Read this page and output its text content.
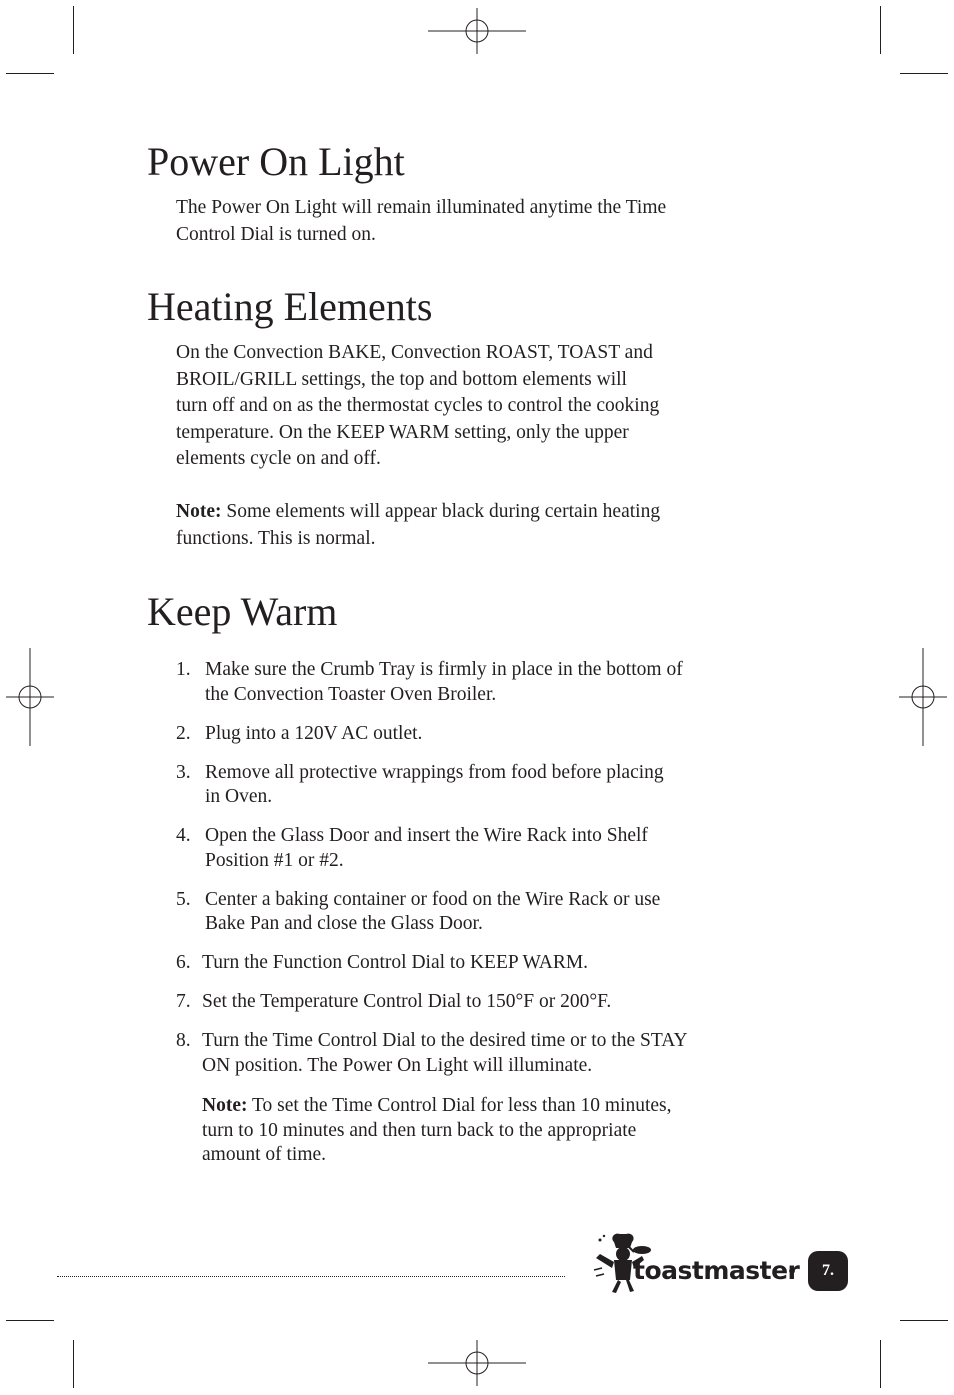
Power On Light
The Power On Light will remain illuminated anytime the Time
Control Dial is turned on.
Heating Elements
On the Convection BAKE, Convection ROAST, TOAST and
BROIL/GRILL settings, the top and bottom elements will
turn off and on as the thermostat cycles to control the cooking
temperature. On the KEEP WARM setting, only the upper
elements cycle on and off.
Note: Some elements will appear black during certain heating
functions. This is normal.
Keep Warm
1. Make sure the Crumb Tray is firmly in place in the bottom of
the Convection Toaster Oven Broiler.
2. Plug into a 120V AC outlet.
3. Remove all protective wrappings from food before placing
in Oven.
4. Open the Glass Door and insert the Wire Rack into Shelf
Position #1 or #2.
5. Center a baking container or food on the Wire Rack or use
Bake Pan and close the Glass Door.
6. Turn the Function Control Dial to KEEP WARM.
7. Set the Temperature Control Dial to 150°F or 200°F.
8. Turn the Time Control Dial to the desired time or to the STAY
ON position. The Power On Light will illuminate.
Note: To set the Time Control Dial for less than 10 minutes,
turn to 10 minutes and then turn back to the appropriate
amount of time.
toastmaster	7.
